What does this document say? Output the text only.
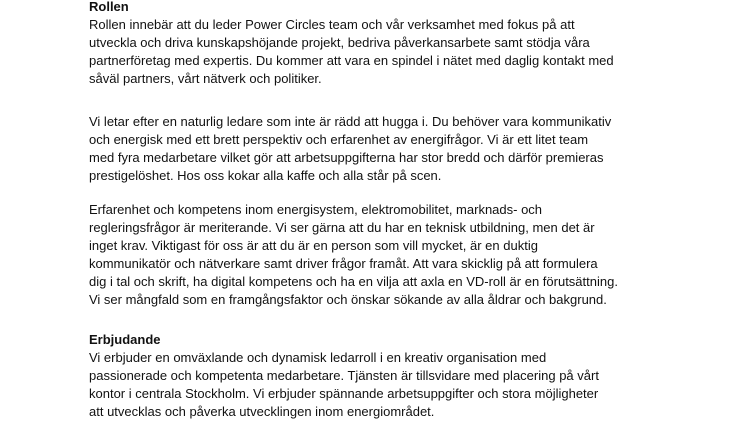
Rollen

Rollen innebär att du leder Power Circles team och vår verksamhet med fokus på att

utveckla och driva kunskapshöjande projekt, bedriva påverkansarbete samt stödja våra

partnerföretag med expertis. Du kommer att vara en spindel i nätet med daglig kontakt med

såväl partners, vårt nätverk och politiker.

Vi letar efter en naturlig ledare som inte är rädd att hugga i. Du behöver vara kommunikativ

och energisk med ett brett perspektiv och erfarenhet av energifrågor. Vi är ett litet team

med fyra medarbetare vilket gör att arbetsuppgifterna har stor bredd och därför premieras

prestigelöshet. Hos oss kokar alla kaffe och alla står på scen.

Erfarenhet och kompetens inom energisystem, elektromobilitet, marknads- och

regleringsfrågor är meriterande. Vi ser gärna att du har en teknisk utbildning, men det är

inget krav. Viktigast för oss är att du är en person som vill mycket, är en duktig

kommunikatör och nätverkare samt driver frågor framåt. Att vara skicklig på att formulera

dig i tal och skrift, ha digital kompetens och ha en vilja att axla en VD-roll är en förutsättning.

Vi ser mångfald som en framgångsfaktor och önskar sökande av alla åldrar och bakgrund.

Erbjudande

Vi erbjuder en omväxlande och dynamisk ledarroll i en kreativ organisation med

passionerade och kompetenta medarbetare. Tjänsten är tillsvidare med placering på vårt

kontor i centrala Stockholm. Vi erbjuder spännande arbetsuppgifter och stora möjligheter

att utvecklas och påverka utvecklingen inom energiområdet.
